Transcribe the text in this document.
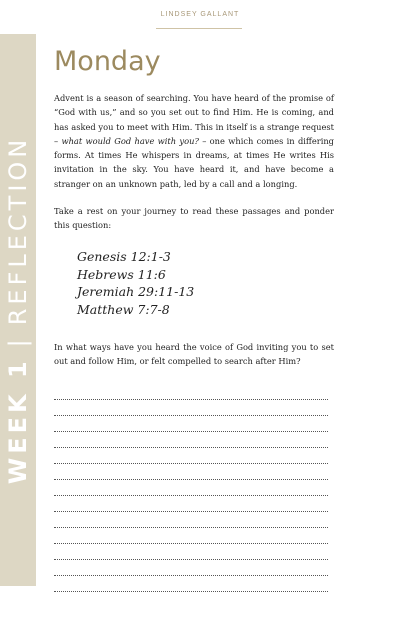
LINDSEY GALLANT
WEEK 1|REFLECTION
Monday

Advent is a season of searching. You have heard of the promise of “God with us,” and so you set out to find Him. He is coming, and has asked you to meet with Him. This in itself is a strange request – what would God have with you? – one which comes in differing forms. At times He whispers in dreams, at times He writes His invitation in the sky. You have heard it, and have become a stranger on an unknown path, led by a call and a longing.

Take a rest on your journey to read these passages and ponder this question:

Genesis 12:1-3
Hebrews 11:6
Jeremiah 29:11-13
Matthew 7:7-8

In what ways have you heard the voice of God inviting you to set out and follow Him, or felt compelled to search after Him?
